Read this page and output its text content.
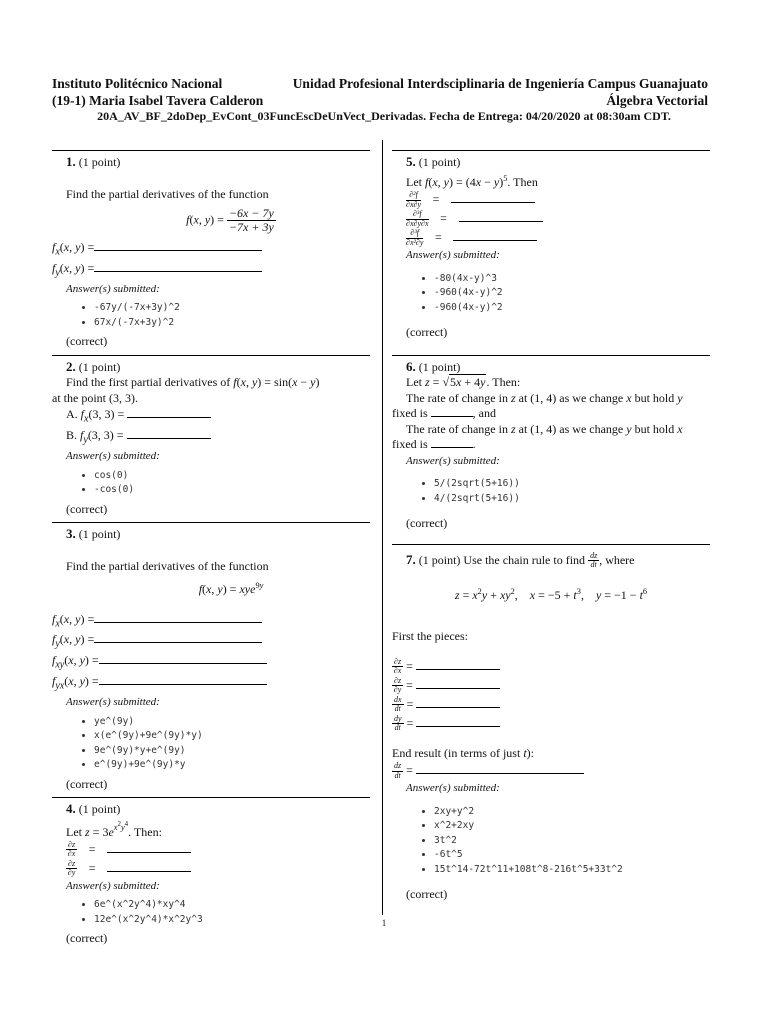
Instituto Politécnico Nacional	Unidad Profesional Interdsciplinaria de Ingeniería Campus Guanajuato
(19-1) Maria Isabel Tavera Calderon	Álgebra Vectorial
20A_AV_BF_2doDep_EvCont_03FuncEscDeUnVect_Derivadas. Fecha de Entrega: 04/20/2020 at 08:30am CDT.
1. (1 point)
Find the partial derivatives of the function
f(x, $y) = \frac{-6x - 7y}{-7x + 3y}$
$f_x(x$, y) =
$f_y(x$, y) =
Answer(s) submitted:
• -67y/(-7x+3y)^2
• 67x/(-7x+3y)^2
(correct)
2. (1 point)
Find the first partial derivatives of f(x, y) = sin(x − y)
at the point (3, 3).
A. $f_x(3$, 3) =
B. $f_y(3$, 3) =
Answer(s) submitted:
• cos(0)
• -cos(0)
(correct)
3. (1 point)
Find the partial derivatives of the function
f(x, y) = xye$^{9y}$
$f_x(x$, y) =
$f_y(x$, y) =
$f_{xy}(x$, y) =
$f_{yx}(x$, y) =
Answer(s) submitted:
• ye^(9y)
• x(e^(9y)+9e^(9y)*y)
• 9e^(9y)*y+e^(9y)
• e^(9y)+9e^(9y)*y
(correct)
4. (1 point)
Let $z = 3e^{x^2y^4}$. Then:
$\frac{\partial z}{\partial x}$ =
$\frac{\partial z}{\partial y}$ =
Answer(s) submitted:
• 6e^(x^2y^4)*xy^4
• 12e^(x^2y^4)*x^2y^3
(correct)
5. (1 point)
Let f(x, $y) = (4x - y)^5$. Then
$\frac{\text{∂²f}}{\partial x\partial y}$ =
$\frac{\text{∂³f}}{\partial x\partial y\partial x}$ =
$\frac{\text{∂³f}}{\text{∂x²∂y}}$ =
Answer(s) submitted:
• -80(4x-y)^3
• -960(4x-y)^2
• -960(4x-y)^2
(correct)
6. (1 point)
Let z = √5x + 4y. Then:
The rate of change in z at (1, 4) as we change x but hold y
fixed is	, and
The rate of change in z at (1, 4) as we change y but hold x
fixed is	.
Answer(s) submitted:
• 5/(2sqrt(5+16))
• 4/(2sqrt(5+16))
(correct)
7. (1 point) Use the chain rule to find $\frac{dz}{dt}$ , where
$z = x^2y + xy^2$,    $x = -5 + t^3$,    $y = -1 - t^6$
First the pieces:
$\frac{\partial z}{\partial x}$ =
$\frac{\partial z}{\partial y}$ =
$\frac{dx}{dt}$ =
$\frac{dy}{dt}$ =
End result (in terms of just t):
$\frac{dz}{dt}$ =
Answer(s) submitted:
• 2xy+y^2
• x^2+2xy
• 3t^2
• -6t^5
• 15t^14-72t^11+108t^8-216t^5+33t^2
(correct)
1
